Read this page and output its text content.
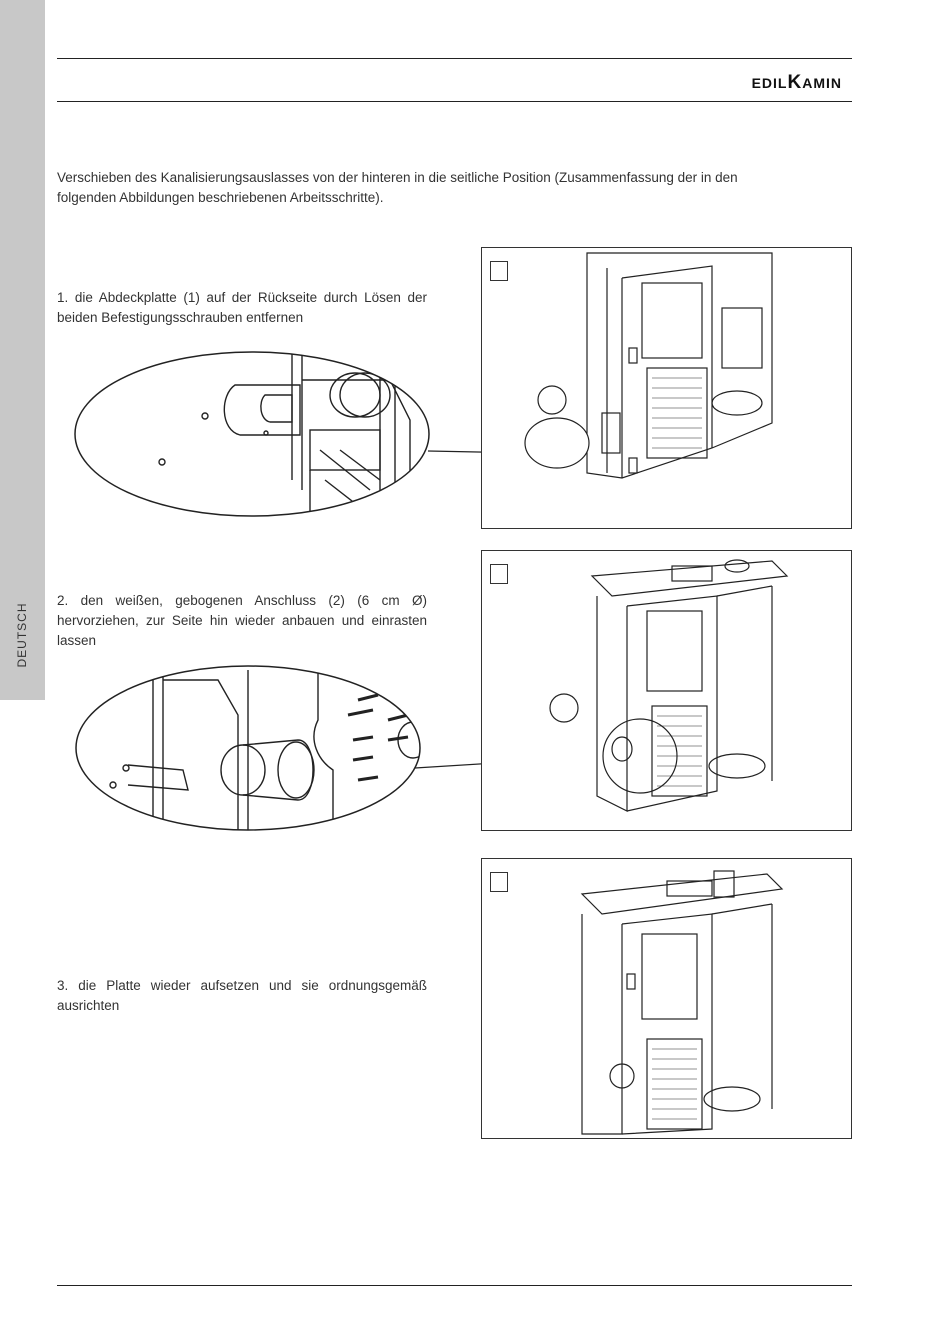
DEUTSCH
EDILKAMIN
Verschieben des Kanalisierungsauslasses von der hinteren in die seitliche Position (Zusammenfassung der in den folgenden Abbildungen beschriebenen Arbeitsschritte).
1. die Abdeckplatte (1) auf der Rückseite durch Lösen der beiden Befestigungsschrauben entfernen
2. den weißen, gebogenen Anschluss (2) (6 cm Ø) hervorziehen, zur Seite hin wieder anbauen und einrasten lassen
3. die Platte wieder aufsetzen und sie ordnungsgemäß ausrichten
